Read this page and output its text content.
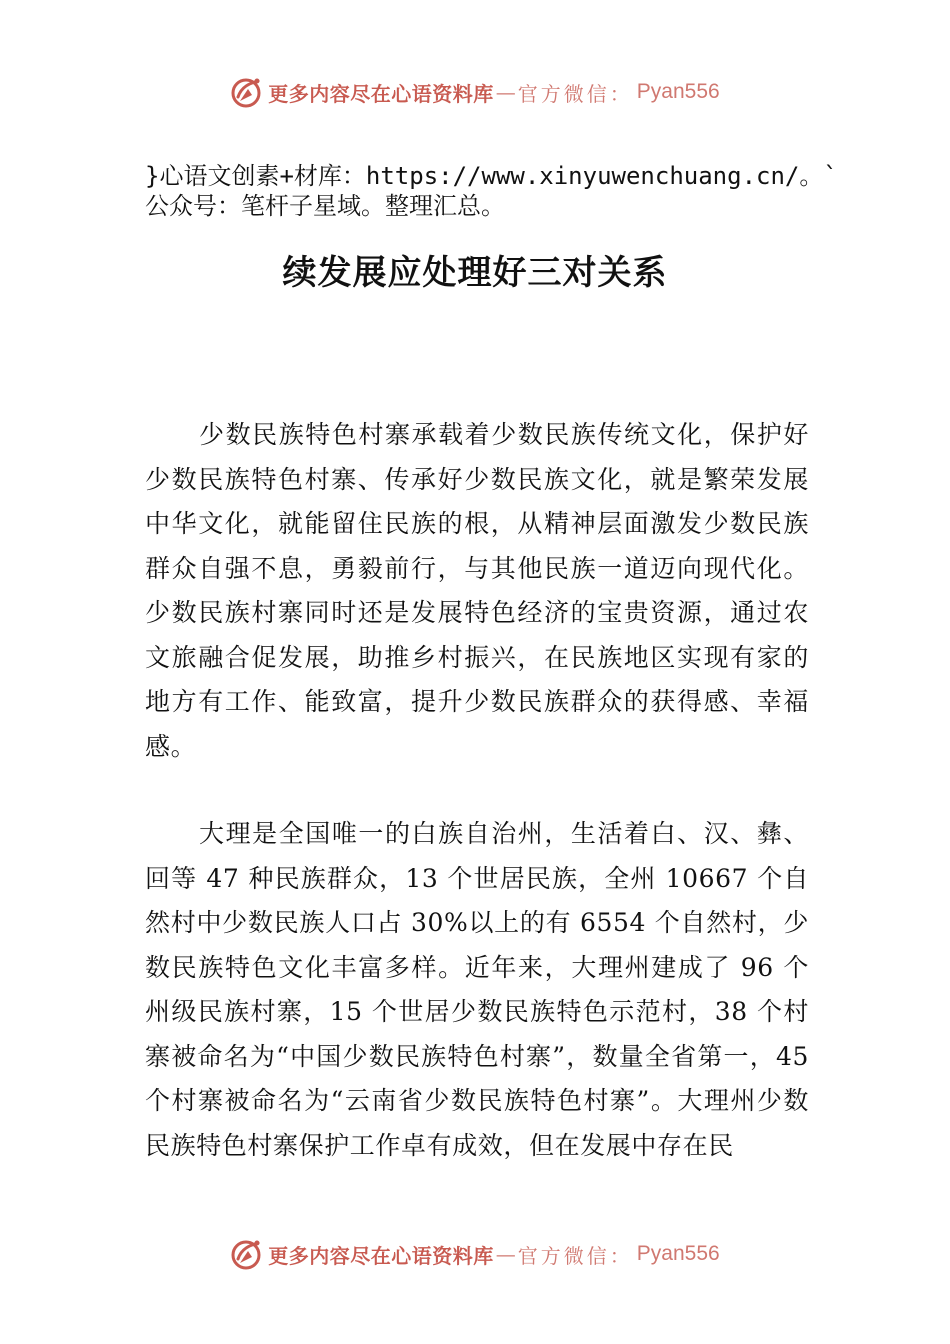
更多内容尽在心语资料库 — 官方微信： Pyan556
}心语文创素+材库：https://www.xinyuwenchuang.cn/。`
公众号：笔杆子星域。整理汇总。
续发展应处理好三对关系

少数民族特色村寨承载着少数民族传统文化，保护好少数民族特色村寨、传承好少数民族文化，就是繁荣发展中华文化，就能留住民族的根，从精神层面激发少数民族群众自强不息，勇毅前行，与其他民族一道迈向现代化。少数民族村寨同时还是发展特色经济的宝贵资源，通过农文旅融合促发展，助推乡村振兴，在民族地区实现有家的地方有工作、能致富，提升少数民族群众的获得感、幸福感。

大理是全国唯一的白族自治州，生活着白、汉、彝、回等 47 种民族群众，13 个世居民族，全州 10667 个自然村中少数民族人口占 30%以上的有 6554 个自然村，少数民族特色文化丰富多样。近年来，大理州建成了 96 个州级民族村寨，15 个世居少数民族特色示范村，38 个村寨被命名为“中国少数民族特色村寨”，数量全省第一，45 个村寨被命名为“云南省少数民族特色村寨”。大理州少数民族特色村寨保护工作卓有成效，但在发展中存在民

更多内容尽在心语资料库 — 官方微信： Pyan556
